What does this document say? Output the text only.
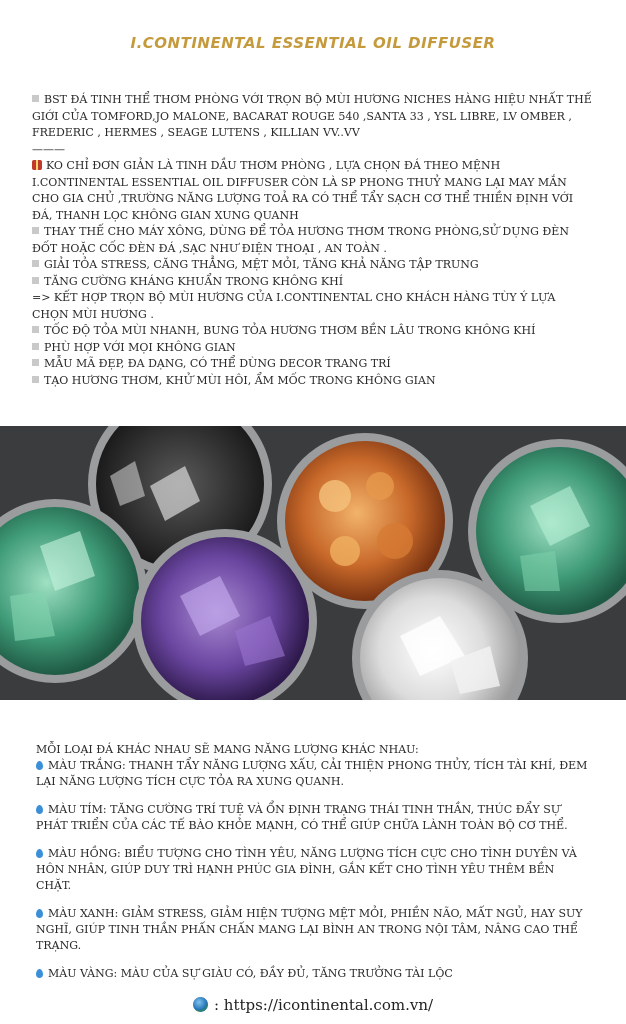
I.CONTINENTAL ESSENTIAL OIL DIFFUSER
BST ĐÁ TINH THỂ THƠM PHÒNG VỚI TRỌN BỘ MÙI HƯƠNG NICHES HÀNG HIỆU NHẤT THẾ GIỚI CỦA TOMFORD,JO MALONE, BACARAT ROUGE 540 ,SANTA 33 , YSL LIBRE, LV OMBER , FREDERIC , HERMES , SEAGE LUTENS , KILLIAN VV..VV
———
KO CHỈ ĐƠN GIẢN LÀ TINH DẦU THƠM PHÒNG , LỰA CHỌN ĐÁ THEO MỆNH I.CONTINENTAL ESSENTIAL OIL DIFFUSER CÒN LÀ SP PHONG THUỶ MANG LẠI MAY MẮN CHO GIA CHỦ ,TRƯỜNG NĂNG LƯỢNG TOẢ RA CÓ THỂ TẨY SẠCH CƠ THỂ THIỀN ĐỊNH VỚI ĐÁ, THANH LỌC KHÔNG GIAN XUNG QUANH
THAY THẾ CHO MÁY XÔNG, DÙNG ĐỂ TỎA HƯƠNG THƠM TRONG PHÒNG,SỬ DỤNG ĐÈN ĐỐT HOẶC CỐC ĐÈN ĐÁ ,SẠC NHƯ ĐIỆN THOẠI , AN TOÀN .
GIẢI TỎA STRESS, CĂNG THẲNG, MỆT MỎI, TĂNG KHẢ NĂNG TẬP TRUNG
TĂNG CƯỜNG KHÁNG KHUẨN TRONG KHÔNG KHÍ
=> KẾT HỢP TRỌN BỘ MÙI HƯƠNG CỦA I.CONTINENTAL CHO KHÁCH HÀNG TÙY Ý LỰA CHỌN MÙI HƯƠNG .
TỐC ĐỘ TỎA MÙI NHANH, BUNG TỎA HƯƠNG THƠM BỀN LÂU TRONG KHÔNG KHÍ
PHÙ HỢP VỚI MỌI KHÔNG GIAN
MẪU MÃ ĐẸP, ĐA DẠNG, CÓ THỂ DÙNG DECOR TRANG TRÍ
TẠO HƯƠNG THƠM, KHỬ MÙI HÔI, ẨM MỐC TRONG KHÔNG GIAN

MỖI LOẠI ĐÁ KHÁC NHAU SẼ MANG NĂNG LƯỢNG KHÁC NHAU:

MÀU TRẮNG: THANH TẨY NĂNG LƯỢNG XẤU, CẢI THIỆN PHONG THỦY, TÍCH TÀI KHÍ, ĐEM LẠI NĂNG LƯỢNG TÍCH CỰC TỎA RA XUNG QUANH.

MÀU TÍM: TĂNG CƯỜNG TRÍ TUỆ VÀ ỔN ĐỊNH TRẠNG THÁI TINH THẦN, THÚC ĐẨY SỰ PHÁT TRIỂN CỦA CÁC TẾ BÀO KHỎE MẠNH, CÓ THỂ GIÚP CHỮA LÀNH TOÀN BỘ CƠ THỂ.

MÀU HỒNG: BIỂU TƯỢNG CHO TÌNH YÊU, NĂNG LƯỢNG TÍCH CỰC CHO TÌNH DUYÊN VÀ HÔN NHÂN, GIÚP DUY TRÌ HẠNH PHÚC GIA ĐÌNH, GẮN KẾT CHO TÌNH YÊU THÊM BỀN CHẶT.

MÀU XANH: GIẢM STRESS, GIẢM HIỆN TƯỢNG MỆT MỎI, PHIỀN NÃO, MẤT NGỦ, HAY SUY NGHĨ, GIÚP TINH THẦN PHẤN CHẤN MANG LẠI BÌNH AN TRONG NỘI TÂM, NÂNG CAO THỂ TRẠNG.

MÀU VÀNG: MÀU CỦA SỰ GIÀU CÓ, ĐẦY ĐỦ, TĂNG TRƯỞNG TÀI LỘC

: https://icontinental.com.vn/
